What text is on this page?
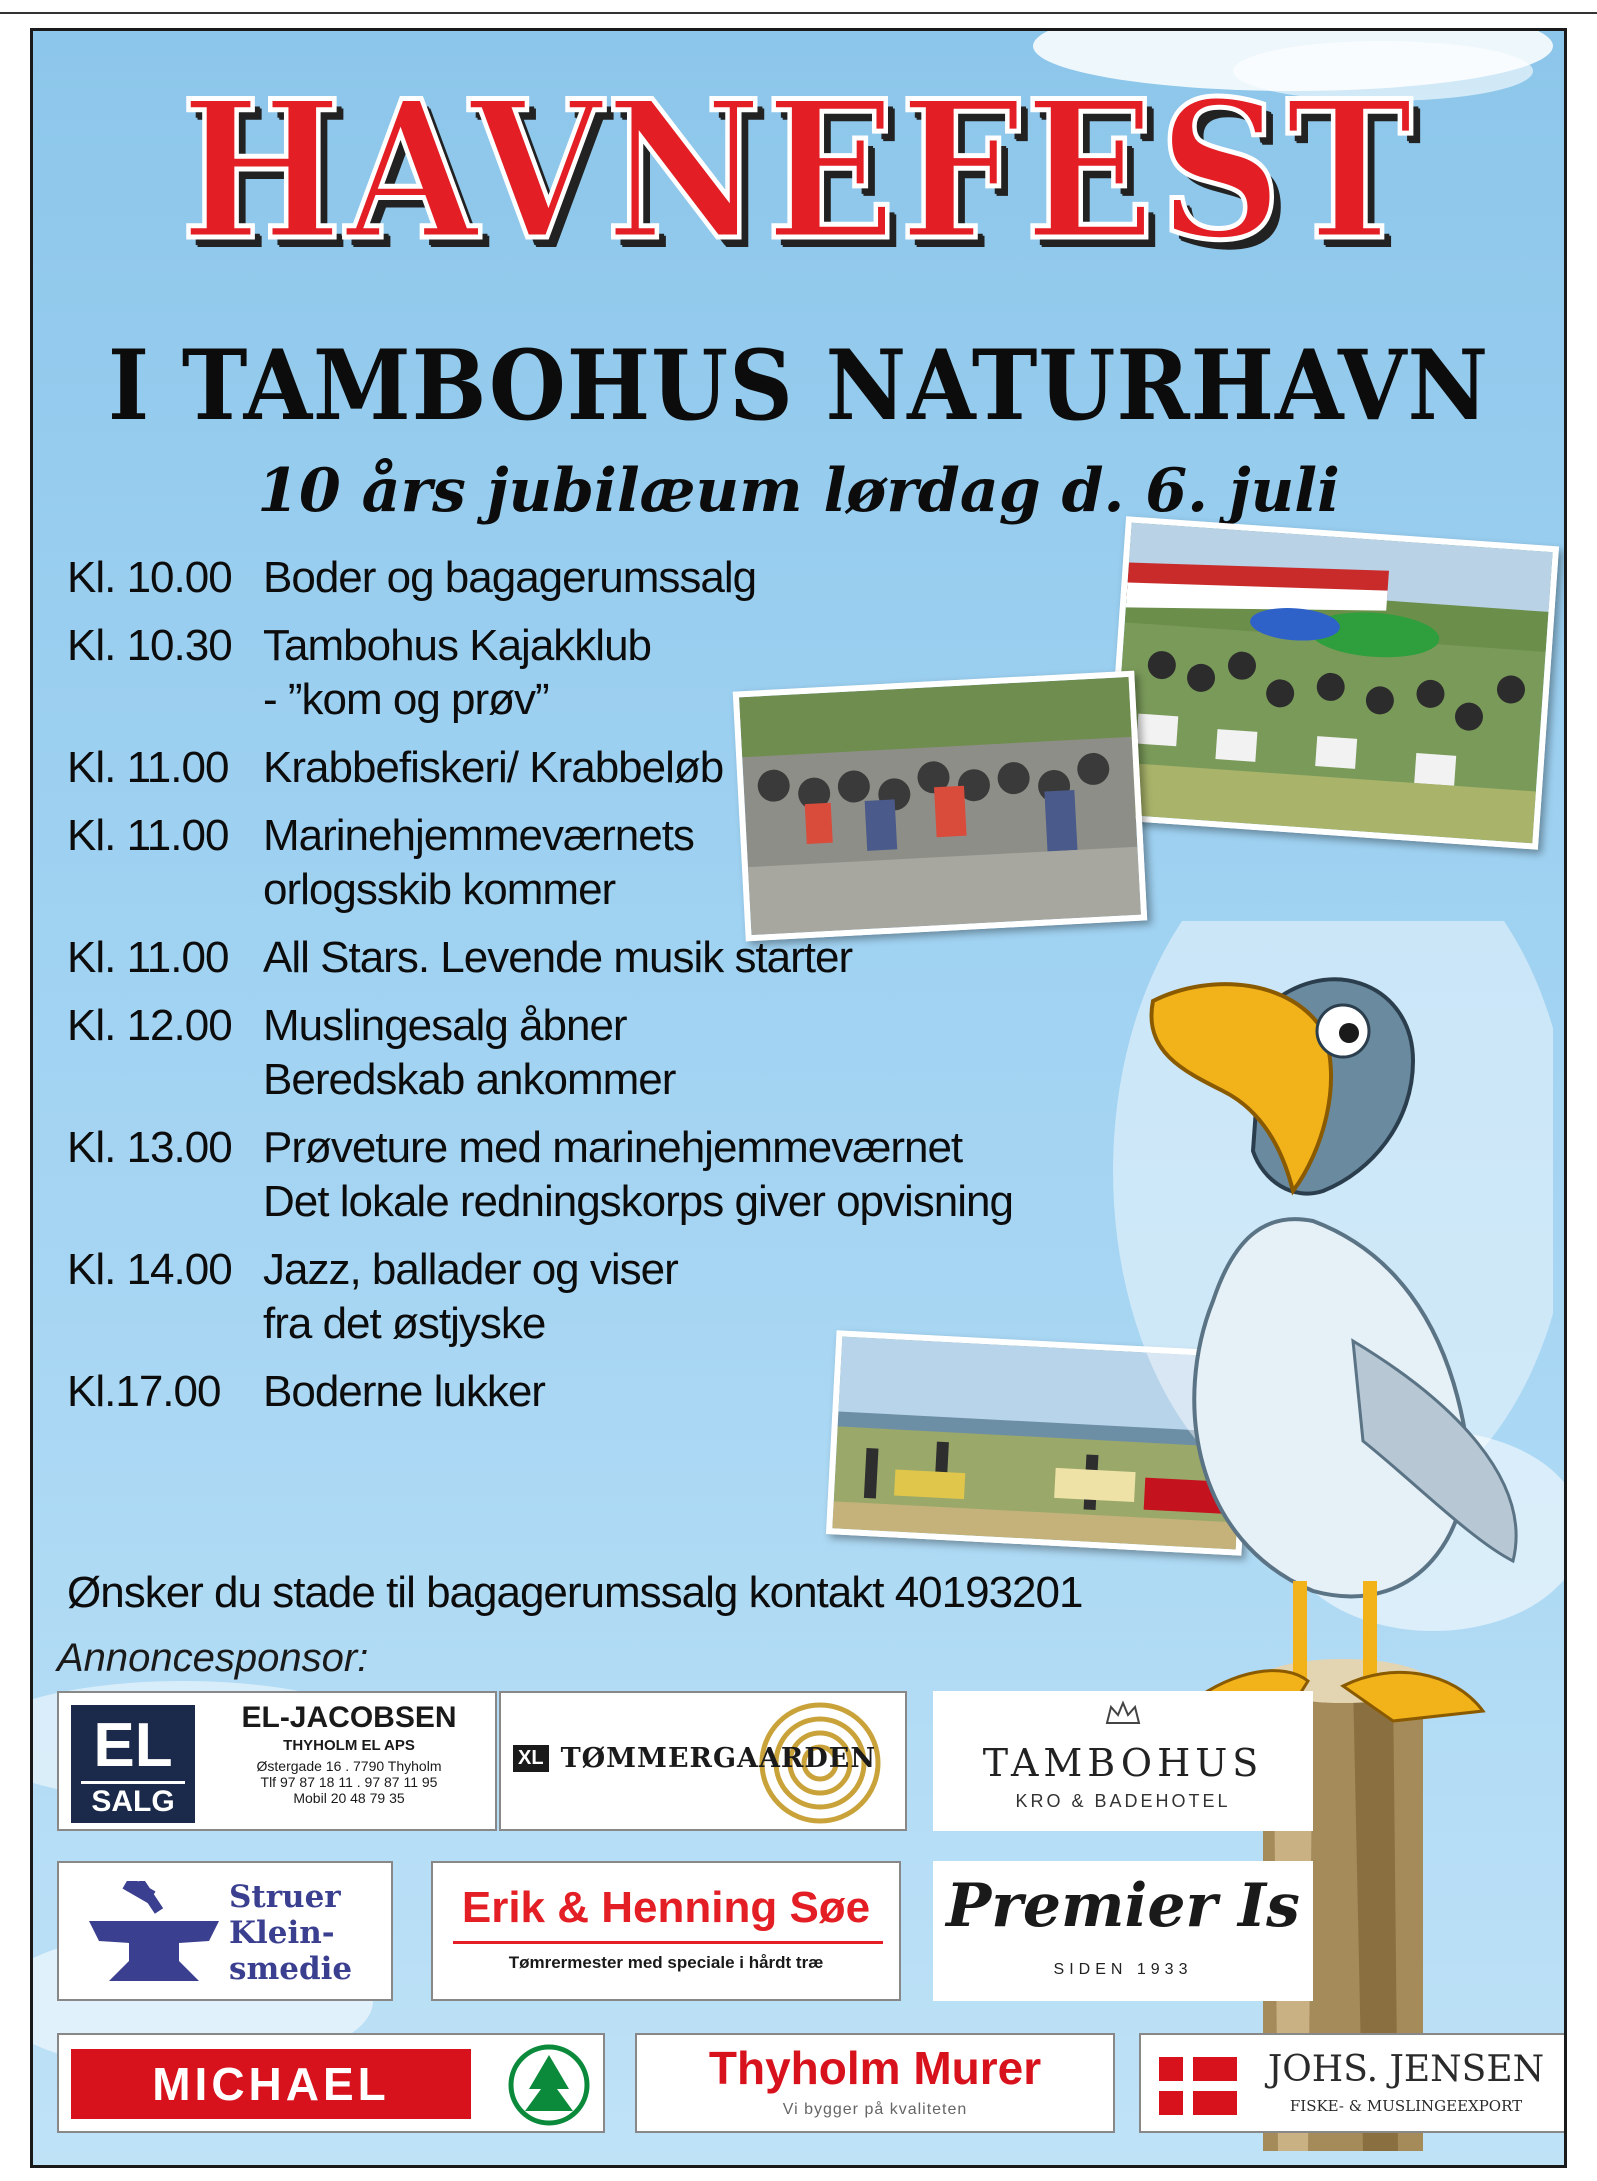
HAVNEFEST
I TAMBOHUS NATURHAVN
10 års jubilæum lørdag d. 6. juli
Kl. 10.00 Boder og bagagerumssalg
Kl. 10.30 Tambohus Kajakklub
- ”kom og prøv”
Kl. 11.00 Krabbefiskeri/ Krabbeløb
Kl. 11.00 Marinehjemmeværnets
orlogsskib kommer
Kl. 11.00 All Stars. Levende musik starter
Kl. 12.00 Muslingesalg åbner
Beredskab ankommer
Kl. 13.00 Prøveture med marinehjemmeværnet
Det lokale redningskorps giver opvisning
Kl. 14.00 Jazz, ballader og viser
fra det østjyske
Kl.17.00 Boderne lukker
Ønsker du stade til bagagerumssalg kontakt 40193201
Annoncesponsor:
EL
SALG
EL-JACOBSEN
THYHOLM EL APS
Østergade 16 . 7790 Thyholm
Tlf 97 87 18 11 . 97 87 11 95
Mobil 20 48 79 35
XL TØMMERGAARDEN	TAMBOHUS
KRO & BADEHOTEL
Struer
Klein-
smedie
Erik & Henning Søe
Tømrermester med speciale i hårdt træ
Premier Is
SIDEN 1933
MICHAEL	Thyholm Murer
Vi bygger på kvaliteten
JOHS. JENSEN
FISKE- & MUSLINGEEXPORT
